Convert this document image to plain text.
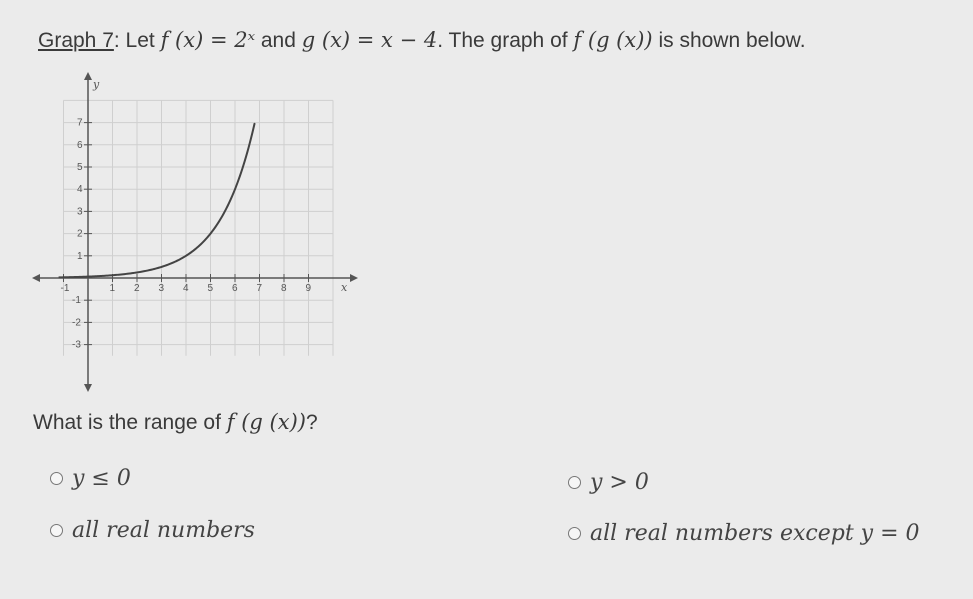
Graph 7: Let f (x) = 2ˣ and g (x) = x − 4. The graph of f (g (x)) is shown below.
-1	1 2 3 4 5 6 7 8 9
7
6
5
4
3
2
1
-1
-2
-3
x
y
What is the range of f (g (x))?
y ≤ 0	y > 0
all real numbers	all real numbers except y = 0
